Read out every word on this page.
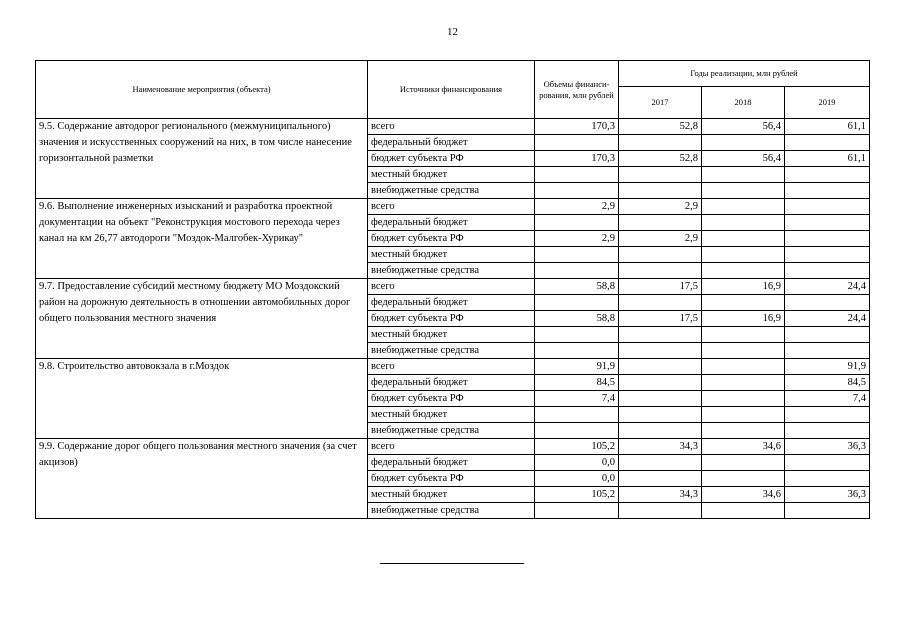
12
Наименование мероприятия (объекта)	Источники финансирования	Объемы финанси-рования, млн рублей	Годы реализации, млн рублей		
			2017	2018	2019
9.5. Содержание автодорог регионального (межмуниципального) значения и искусственных сооружений на них, в том числе нанесение горизонтальной разметки	всего	170,3	52,8	56,4	61,1
	федеральный бюджет				
	бюджет субъекта РФ	170,3	52,8	56,4	61,1
	местный бюджет				
	внебюджетные средства				
9.6. Выполнение инженерных изысканий и разработка проектной документации на объект "Реконструкция мостового перехода через канал на км 26,77 автодороги "Моздок-Малгобек-Хурикау"	всего	2,9	2,9		
	федеральный бюджет				
	бюджет субъекта РФ	2,9	2,9		
	местный бюджет				
	внебюджетные средства				
9.7. Предоставление субсидий местному бюджету МО Моздокский район на дорожную деятельность в отношении автомобильных дорог общего пользования местного значения	всего	58,8	17,5	16,9	24,4
	федеральный бюджет				
	бюджет субъекта РФ	58,8	17,5	16,9	24,4
	местный бюджет				
	внебюджетные средства				
9.8. Строительство автовокзала в г.Моздок	всего	91,9			91,9
	федеральный бюджет	84,5			84,5
	бюджет субъекта РФ	7,4			7,4
	местный бюджет				
	внебюджетные средства				
9.9. Содержание дорог общего пользования местного значения (за счет акцизов)	всего	105,2	34,3	34,6	36,3
	федеральный бюджет	0,0			
	бюджет субъекта РФ	0,0			
	местный бюджет	105,2	34,3	34,6	36,3
	внебюджетные средства				
